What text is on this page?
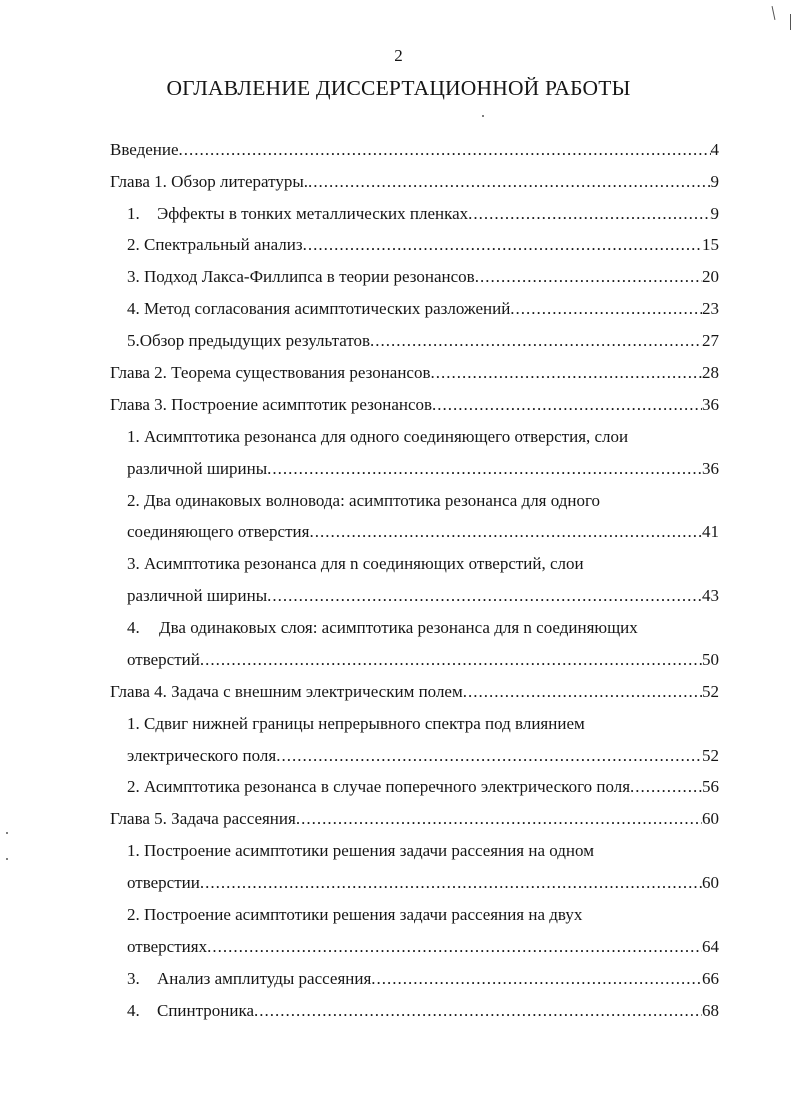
2
ОГЛАВЛЕНИЕ ДИССЕРТАЦИОННОЙ РАБОТЫ
Введение .....	4
Глава 1. Обзор литературы. .....	9
1. Эффекты в тонких металлических пленках .....	9
2. Спектральный анализ .....	15
3. Подход Лакса-Филлипса в теории резонансов .....	20
4. Метод согласования асимптотических разложений .....	23
5.Обзор предыдущих результатов .....	27
Глава 2. Теорема существования резонансов .....	28
Глава 3. Построение асимптотик резонансов .....	36
1. Асимптотика резонанса для одного соединяющего отверстия, слои
различной ширины .....	36
2. Два одинаковых волновода: асимптотика резонанса для одного
соединяющего отверстия .....	41
3. Асимптотика резонанса для n соединяющих отверстий, слои
различной ширины .....	43
4. Два одинаковых слоя: асимптотика резонанса для n соединяющих
отверстий .....	50
Глава 4. Задача с внешним электрическим полем .....	52
1. Сдвиг нижней границы непрерывного спектра под влиянием
электрического поля .....	52
2. Асимптотика резонанса в случае поперечного электрического поля .....	56
Глава 5. Задача рассеяния .....	60
1. Построение асимптотики решения задачи рассеяния на одном
отверстии .....	60
2. Построение асимптотики решения задачи рассеяния на двух
отверстиях .....	64
3. Анализ амплитуды рассеяния .....	66
4. Спинтроника .....	68
